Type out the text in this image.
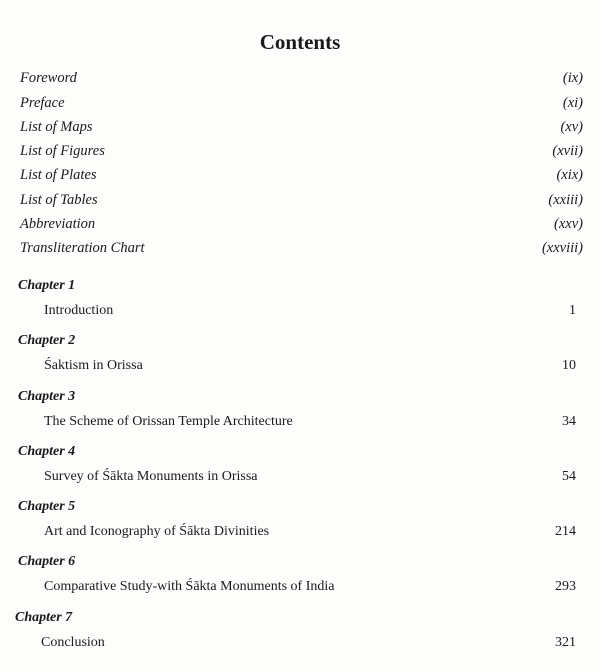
Contents
Foreword	(ix)
Preface	(xi)
List of Maps	(xv)
List of Figures	(xvii)
List of Plates	(xix)
List of Tables	(xxiii)
Abbreviation	(xxv)
Transliteration Chart	(xxviii)
Chapter 1
Introduction	1
Chapter 2
Śaktism in Orissa	10
Chapter 3
The Scheme of Orissan Temple Architecture	34
Chapter 4
Survey of Śākta Monuments in Orissa	54
Chapter 5
Art and Iconography of Śākta Divinities	214
Chapter 6
Comparative Study-with Śākta Monuments of India	293
Chapter 7
Conclusion	321
